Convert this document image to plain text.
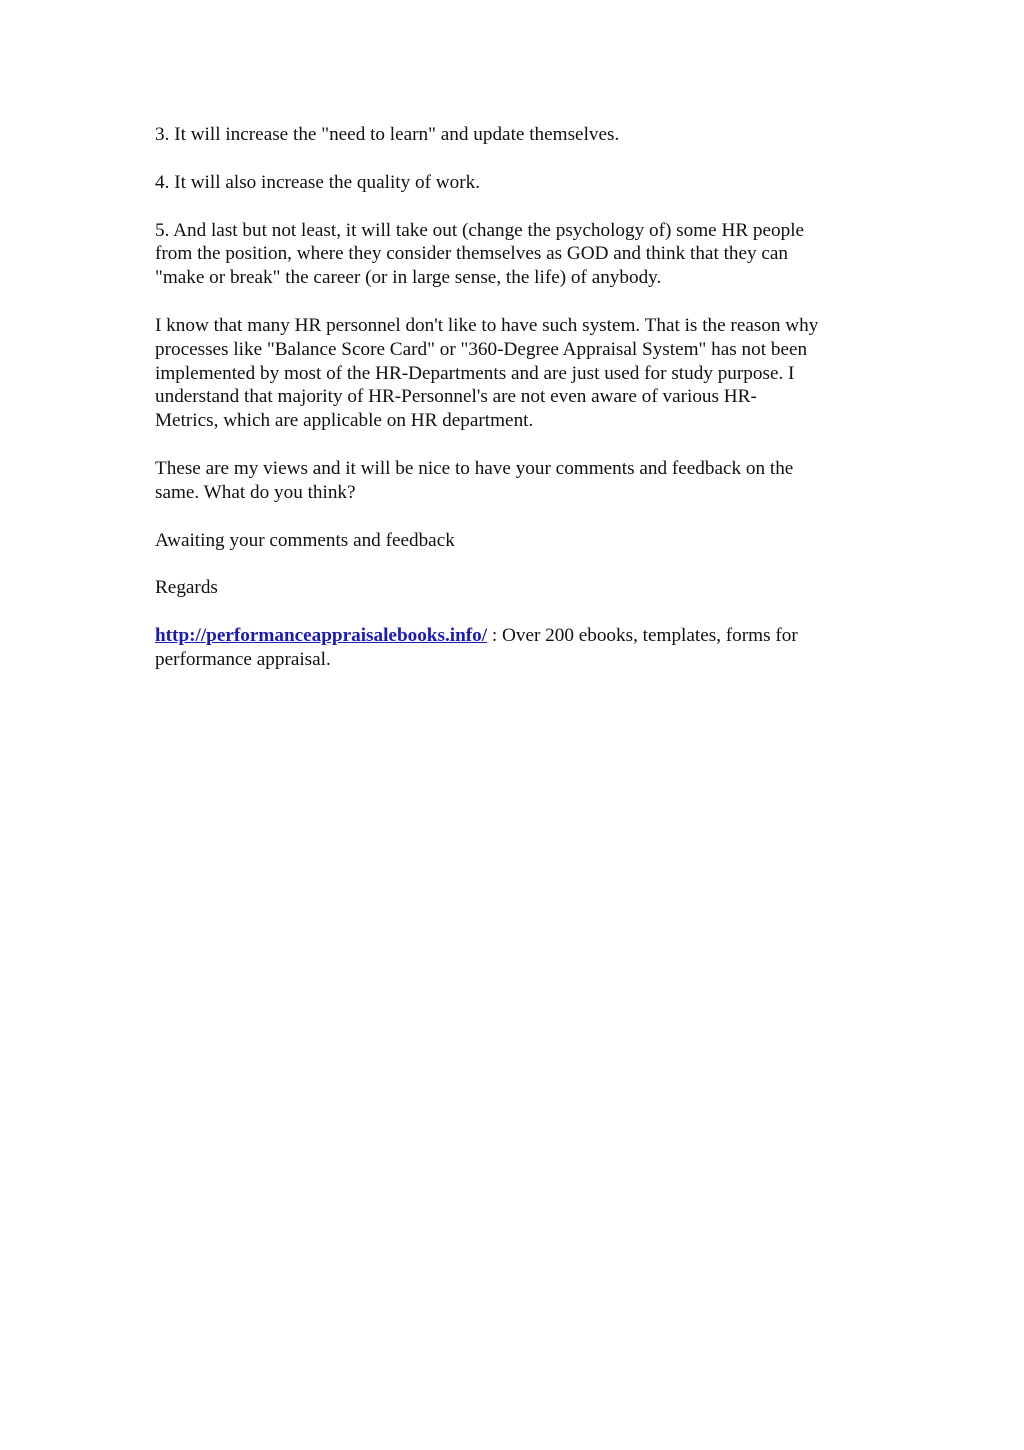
3. It will increase the "need to learn" and update themselves.

4. It will also increase the quality of work.

5. And last but not least, it will take out (change the psychology of) some HR people
from the position, where they consider themselves as GOD and think that they can
"make or break" the career (or in large sense, the life) of anybody.

I know that many HR personnel don't like to have such system. That is the reason why
processes like "Balance Score Card" or "360-Degree Appraisal System" has not been
implemented by most of the HR-Departments and are just used for study purpose. I
understand that majority of HR-Personnel's are not even aware of various HR-
Metrics, which are applicable on HR department.

These are my views and it will be nice to have your comments and feedback on the
same. What do you think?

Awaiting your comments and feedback

Regards

http://performanceappraisalebooks.info/ : Over 200 ebooks, templates, forms for
performance appraisal.
